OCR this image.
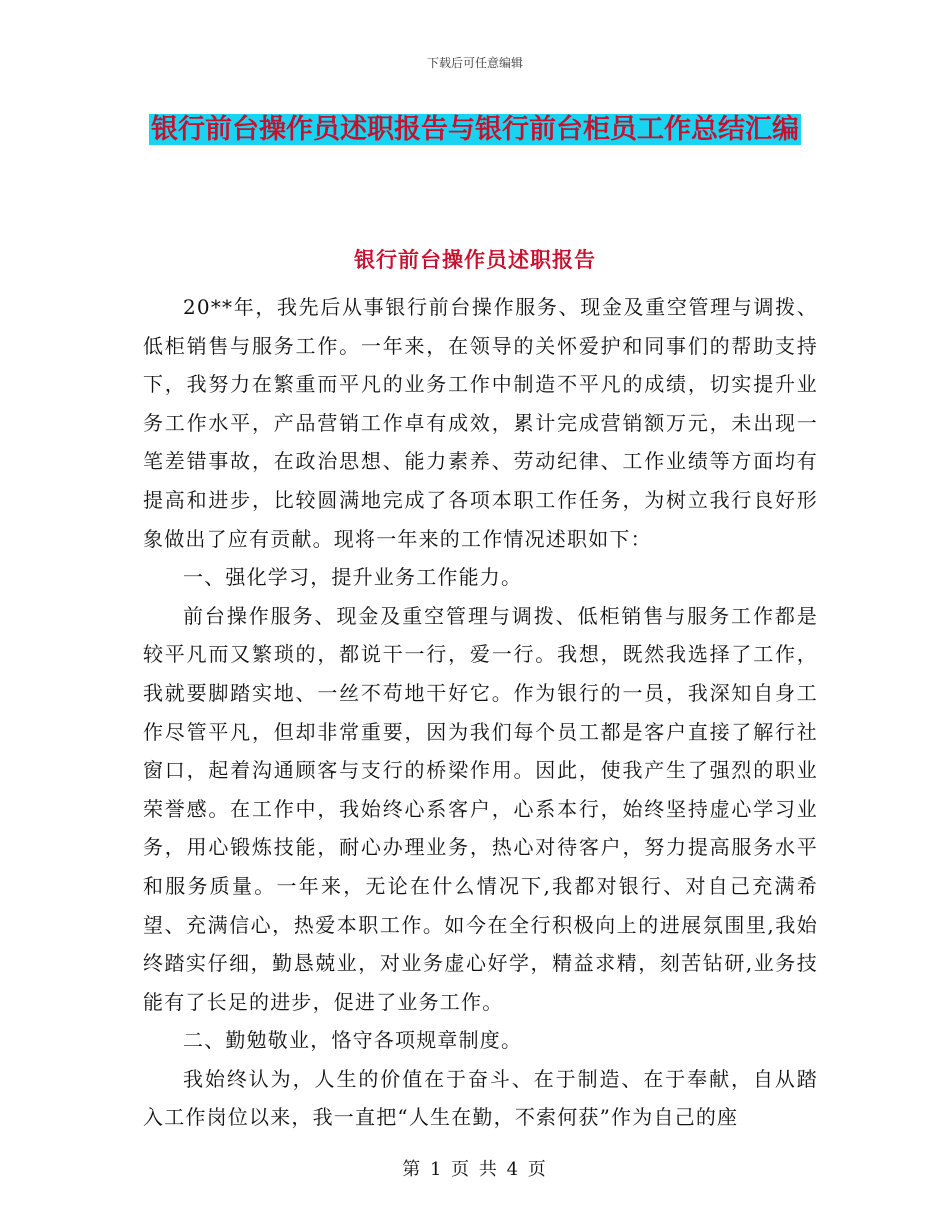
下载后可任意编辑
银行前台操作员述职报告与银行前台柜员工作总结汇编
银行前台操作员述职报告

20**年，我先后从事银行前台操作服务、现金及重空管理与调拨、低柜销售与服务工作。一年来，在领导的关怀爱护和同事们的帮助支持下，我努力在繁重而平凡的业务工作中制造不平凡的成绩，切实提升业务工作水平，产品营销工作卓有成效，累计完成营销额万元，未出现一笔差错事故，在政治思想、能力素养、劳动纪律、工作业绩等方面均有提高和进步，比较圆满地完成了各项本职工作任务，为树立我行良好形象做出了应有贡献。现将一年来的工作情况述职如下：

一、强化学习，提升业务工作能力。

前台操作服务、现金及重空管理与调拨、低柜销售与服务工作都是较平凡而又繁琐的，都说干一行，爱一行。我想，既然我选择了工作，我就要脚踏实地、一丝不苟地干好它。作为银行的一员，我深知自身工作尽管平凡，但却非常重要，因为我们每个员工都是客户直接了解行社窗口，起着沟通顾客与支行的桥梁作用。因此，使我产生了强烈的职业荣誉感。在工作中，我始终心系客户，心系本行，始终坚持虚心学习业务，用心锻炼技能，耐心办理业务，热心对待客户，努力提高服务水平和服务质量。一年来，无论在什么情况下,我都对银行、对自己充满希望、充满信心，热爱本职工作。如今在全行积极向上的进展氛围里,我始终踏实仔细，勤恳兢业，对业务虚心好学，精益求精，刻苦钻研,业务技能有了长足的进步，促进了业务工作。

二、勤勉敬业，恪守各项规章制度。

我始终认为，人生的价值在于奋斗、在于制造、在于奉献，自从踏入工作岗位以来，我一直把“人生在勤，不索何获”作为自己的座

第 1 页 共 4 页
